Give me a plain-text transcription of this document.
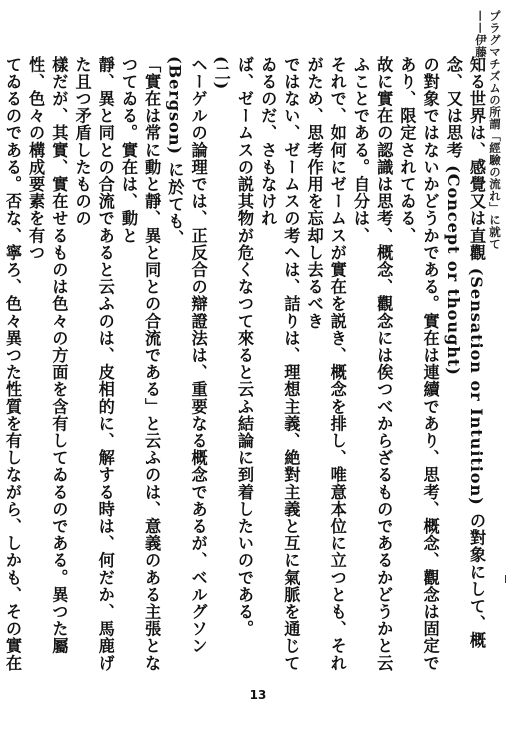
プラグマチズムの所謂「經驗の流れ」に就て——伊藤

知る世界は、感覺又は直觀 (Sensation or Intuition) の對象にして、概念、又は思考 (Concept or thought)

の對象ではないかどうかである。實在は連續であり、思考、概念、觀念は固定であり、限定されてゐる、

故に實在の認識は思考、概念、觀念には俟つべからざるものであるかどうかと云ふことである。自分は、

それで、如何にゼームスが實在を説き、概念を排し、唯意本位に立つとも、それがため、思考作用を忘却し去るべき

ではない、ゼームスの考へは、詰りは、理想主義、絶對主義と互に氣脈を通じてゐるのだ、さもなけれ

ば、ゼームスの説其物が危くなつて來ると云ふ結論に到着したいのである。

(二)

ヘーゲルの論理では、正反合の辯證法は、重要なる概念であるが、ベルグソン (Bergson) に於ても、

「實在は常に動と靜、異と同との合流である」と云ふのは、意義のある主張となつてゐる。實在は、動と

靜、異と同との合流であると云ふのは、皮相的に、解する時は、何だか、馬鹿げた且つ矛盾したものの

樣だが、其實、實在せるものは色々の方面を含有してゐるのである。異つた屬性、色々の構成要素を有つ

てゐるのである。否な、寧ろ、色々異つた性質を有しながら、しかも、その實在

13
